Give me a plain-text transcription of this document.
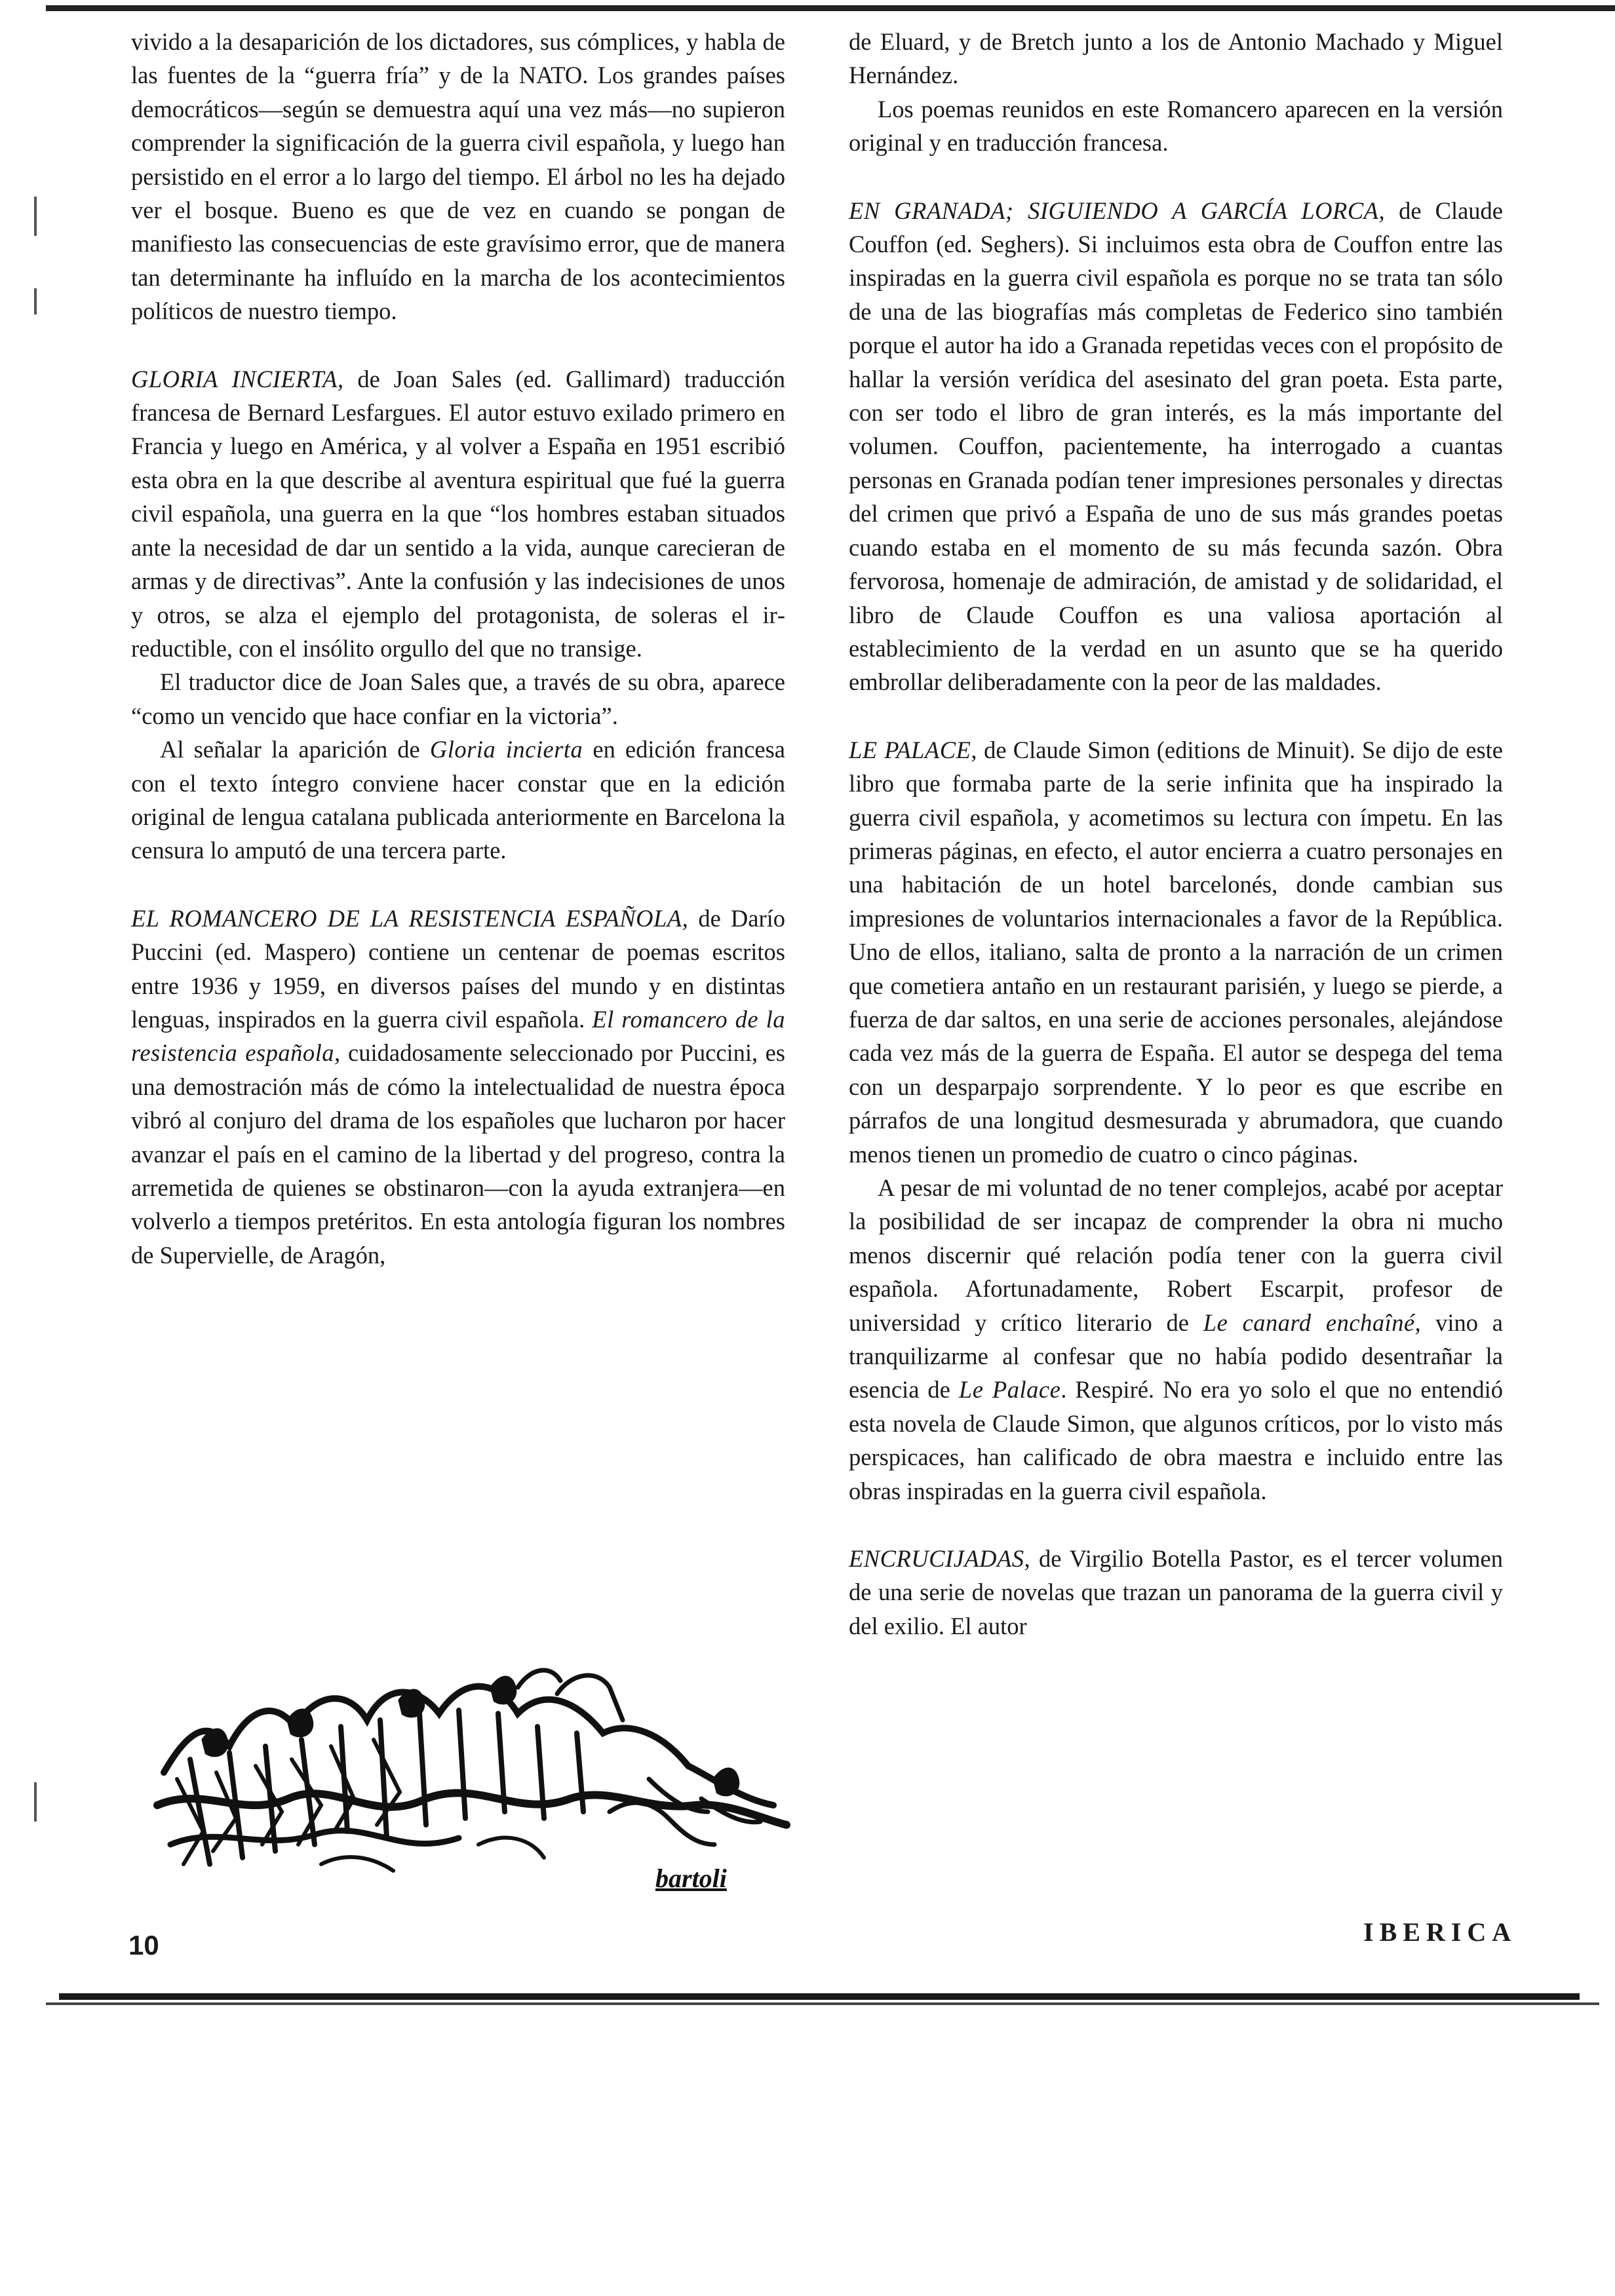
vivido a la desaparición de los dictadores, sus cómplices, y habla de las fuentes de la “guerra fría” y de la NATO. Los grandes países democráticos—según se demuestra aquí una vez más—no supieron comprender la significación de la guerra civil española, y luego han persistido en el error a lo largo del tiempo. El árbol no les ha dejado ver el bosque. Bueno es que de vez en cuando se pongan de manifiesto las consecuencias de este gravísimo error, que de manera tan determinante ha influído en la marcha de los acontecimientos políticos de nuestro tiempo.

GLORIA INCIERTA, de Joan Sales (ed. Gallimard) traducción francesa de Bernard Lesfargues. El autor estuvo exilado primero en Francia y luego en América, y al volver a España en 1951 escribió esta obra en la que describe al aventura espiritual que fué la guerra civil española, una guerra en la que “los hombres estaban situados ante la necesidad de dar un sentido a la vida, aunque carecieran de armas y de directivas”. Ante la confusión y las indecisiones de unos y otros, se alza el ejemplo del protagonista, de soleras el irreductible, con el insólito orgullo del que no transige.

El traductor dice de Joan Sales que, a través de su obra, aparece “como un vencido que hace confiar en la victoria”.

Al señalar la aparición de Gloria incierta en edición francesa con el texto íntegro conviene hacer constar que en la edición original de lengua catalana publicada anteriormente en Barcelona la censura lo amputó de una tercera parte.

EL ROMANCERO DE LA RESISTENCIA ESPAÑOLA, de Darío Puccini (ed. Maspero) contiene un centenar de poemas escritos entre 1936 y 1959, en diversos países del mundo y en distintas lenguas, inspirados en la guerra civil española. El romancero de la resistencia española, cuidadosamente seleccionado por Puccini, es una demostración más de cómo la intelectualidad de nuestra época vibró al conjuro del drama de los españoles que lucharon por hacer avanzar el país en el camino de la libertad y del progreso, contra la arremetida de quienes se obstinaron—con la ayuda extranjera—en volverlo a tiempos pretéritos. En esta antología figuran los nombres de Supervielle, de Aragón,

de Eluard, y de Bretch junto a los de Antonio Machado y Miguel Hernández.

Los poemas reunidos en este Romancero aparecen en la versión original y en traducción francesa.

EN GRANADA; SIGUIENDO A GARCÍA LORCA, de Claude Couffon (ed. Seghers). Si incluimos esta obra de Couffon entre las inspiradas en la guerra civil española es porque no se trata tan sólo de una de las biografías más completas de Federico sino también porque el autor ha ido a Granada repetidas veces con el propósito de hallar la versión verídica del asesinato del gran poeta. Esta parte, con ser todo el libro de gran interés, es la más importante del volumen. Couffon, pacientemente, ha interrogado a cuantas personas en Granada podían tener impresiones personales y directas del crimen que privó a España de uno de sus más grandes poetas cuando estaba en el momento de su más fecunda sazón. Obra fervorosa, homenaje de admiración, de amistad y de solidaridad, el libro de Claude Couffon es una valiosa aportación al establecimiento de la verdad en un asunto que se ha querido embrollar deliberadamente con la peor de las maldades.

LE PALACE, de Claude Simon (editions de Minuit). Se dijo de este libro que formaba parte de la serie infinita que ha inspirado la guerra civil española, y acometimos su lectura con ímpetu. En las primeras páginas, en efecto, el autor encierra a cuatro personajes en una habitación de un hotel barcelonés, donde cambian sus impresiones de voluntarios internacionales a favor de la República. Uno de ellos, italiano, salta de pronto a la narración de un crimen que cometiera antaño en un restaurant parisién, y luego se pierde, a fuerza de dar saltos, en una serie de acciones personales, alejándose cada vez más de la guerra de España. El autor se despega del tema con un desparpajo sorprendente. Y lo peor es que escribe en párrafos de una longitud desmesurada y abrumadora, que cuando menos tienen un promedio de cuatro o cinco páginas.

A pesar de mi voluntad de no tener complejos, acabé por aceptar la posibilidad de ser incapaz de comprender la obra ni mucho menos discernir qué relación podía tener con la guerra civil española. Afortunadamente, Robert Escarpit, profesor de universidad y crítico literario de Le canard enchaîné, vino a tranquilizarme al confesar que no había podido desentrañar la esencia de Le Palace. Respiré. No era yo solo el que no entendió esta novela de Claude Simon, que algunos críticos, por lo visto más perspicaces, han calificado de obra maestra e incluido entre las obras inspiradas en la guerra civil española.

ENCRUCIJADAS, de Virgilio Botella Pastor, es el tercer volumen de una serie de novelas que trazan un panorama de la guerra civil y del exilio. El autor

bartoli
10	IBERICA
